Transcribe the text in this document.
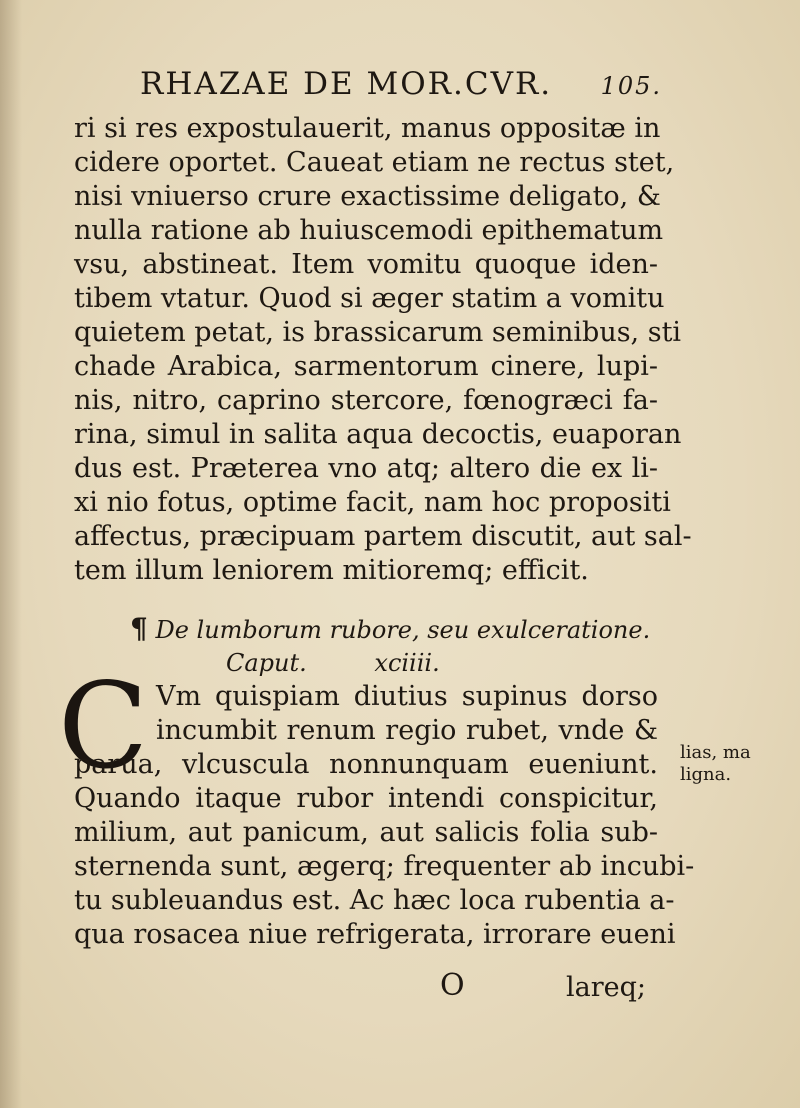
RHAZAE DE MOR.CVR. 105.
ri si res expostulauerit, manus oppositæ in
cidere oportet. Caueat etiam ne rectus stet,
nisi vniuerso crure exactissime deligato, &
nulla ratione ab huiuscemodi epithematum
vsu, abstineat. Item vomitu quoque iden-
tibem vtatur. Quod si æger statim a vomitu
quietem petat, is brassicarum seminibus, sti
chade Arabica, sarmentorum cinere, lupi-
nis, nitro, caprino stercore, fœnogræci fa-
rina, simul in salita aqua decoctis, euaporan
dus est. Præterea vno atq; altero die ex li-
xi nio fotus, optime facit, nam hoc propositi
affectus, præcipuam partem discutit, aut sal-
tem illum leniorem mitioremq; efficit.
¶ De lumborum rubore, seu exulceratione.
Caput.	xciiii.
C Vm quispiam diutius supinus dorso
incumbit renum regio rubet, vnde &
parua, vlcuscula nonnunquam eueniunt.
Quando itaque rubor intendi conspicitur,
milium, aut panicum, aut salicis folia sub-
sternenda sunt, ægerq; frequenter ab incubi-
tu subleuandus est. Ac hæc loca rubentia a-
qua rosacea niue refrigerata, irrorare eueni
lias, ma
ligna.
O	lareq;
